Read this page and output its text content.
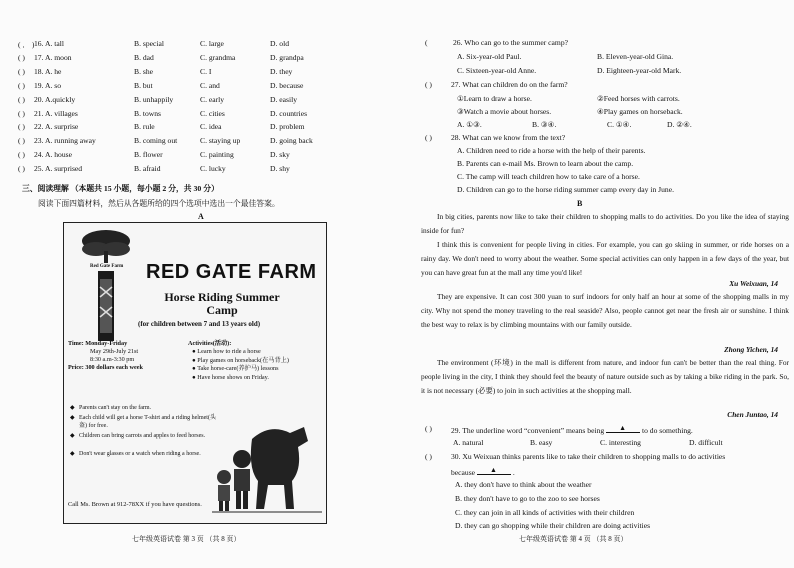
( ． ) 16. A. tall	B. special	C. large	D. old
( ) 17. A. moon	B. dad	C. grandma	D. grandpa
( ) 18. A. he	B. she	C. I	D. they
( ) 19. A. so	B. but	C. and	D. because
( ) 20. A.quickly	B. unhappily	C. early	D. easily
( ) 21. A. villages	B. towns	C. cities	D. countries
( ) 22. A. surprise	B. rule	C. idea	D. problem
( ) 23. A. running away	B. coming out	C. staying up	D. going back
( ) 24. A. house	B. flower	C. painting	D. sky
( ) 25. A. surprised	B. afraid	C. lucky	D. shy
三、阅读理解 （本题共 15 小题，每小题 2 分，共 30 分）
阅读下面四篇材料，然后从各题所给的四个选项中选出一个最佳答案。
A
Red Gate Farm RED GATE FARM
Horse Riding Summer Camp
(for children between 7 and 13 years old)
Time: Monday-Friday
May 29th-July 21st
8:30 a.m-3:30 pm
Price: 300 dollars each week
Activities(活动):
● Learn how to ride a horse
● Play games on horseback(在马背上)
● Take horse-care(养护马) lessons
● Have horse shows on Friday.
◆ Parents can't stay on the farm.
◆ Each child will get a horse T-shirt and a riding helmet(头盔) for free.
◆ Children can bring carrots and apples to feed horses.
◆ Don't wear glasses or a watch when riding a horse.
Call Ms. Brown at 912-78XX if you have questions.
七年级英语试卷 第 3 页 （共 8 页）
(	26. Who can go to the summer camp?
A. Six-year-old Paul.	B. Eleven-year-old Gina.
C. Sixteen-year-old Anne.	D. Eighteen-year-old Mark.
( )	27. What can children do on the farm?
①Learn to draw a horse.	②Feed horses with carrots.
③Watch a movie about horses.	④Play games on horseback.
A. ①③.	B. ③④.	C. ①④.	D. ②④.
( )	28. What can we know from the text?
A. Children need to ride a horse with the help of their parents.
B. Parents can e-mail Ms. Brown to learn about the camp.
C. The camp will teach children how to take care of a horse.
D. Children can go to the horse riding summer camp every day in June.
B
In big cities, parents now like to take their children to shopping malls to do activities. Do you like the idea of staying inside for fun?
I think this is convenient for people living in cities. For example, you can go skiing in summer, or ride horses on a rainy day. We don't need to worry about the weather. Some special activities can only happen in a few days of the year, but you can have great fun at the mall any time you'd like!
Xu Weixuan, 14
They are expensive. It can cost 300 yuan to surf indoors for only half an hour at some of the shopping malls in my city. Why not spend the money traveling to the real seaside? Also, people cannot get near the fresh air or sunshine. I think the best way to relax is by climbing mountains with our family outside.
Zhong Yichen, 14
The environment (环境) in the mall is different from nature, and indoor fun can't be better than the real thing. For people living in the city, I think they should feel the beauty of nature outside such as by taking a bike riding in the park. So, it is not necessary (必要) to join in such activities at the shopping mall.
Chen Juntao, 14
( )	29. The underline word “convenient” means being ▲ to do something.
A. natural	B. easy	C. interesting	D. difficult
( )	30. Xu Weixuan thinks parents like to take their children to shopping malls to do activities
because ▲ .
A. they don't have to think about the weather
B. they don't have to go to the zoo to see horses
C. they can join in all kinds of activities with their children
D. they can go shopping while their children are doing activities
七年级英语试卷 第 4 页 （共 8 页）
